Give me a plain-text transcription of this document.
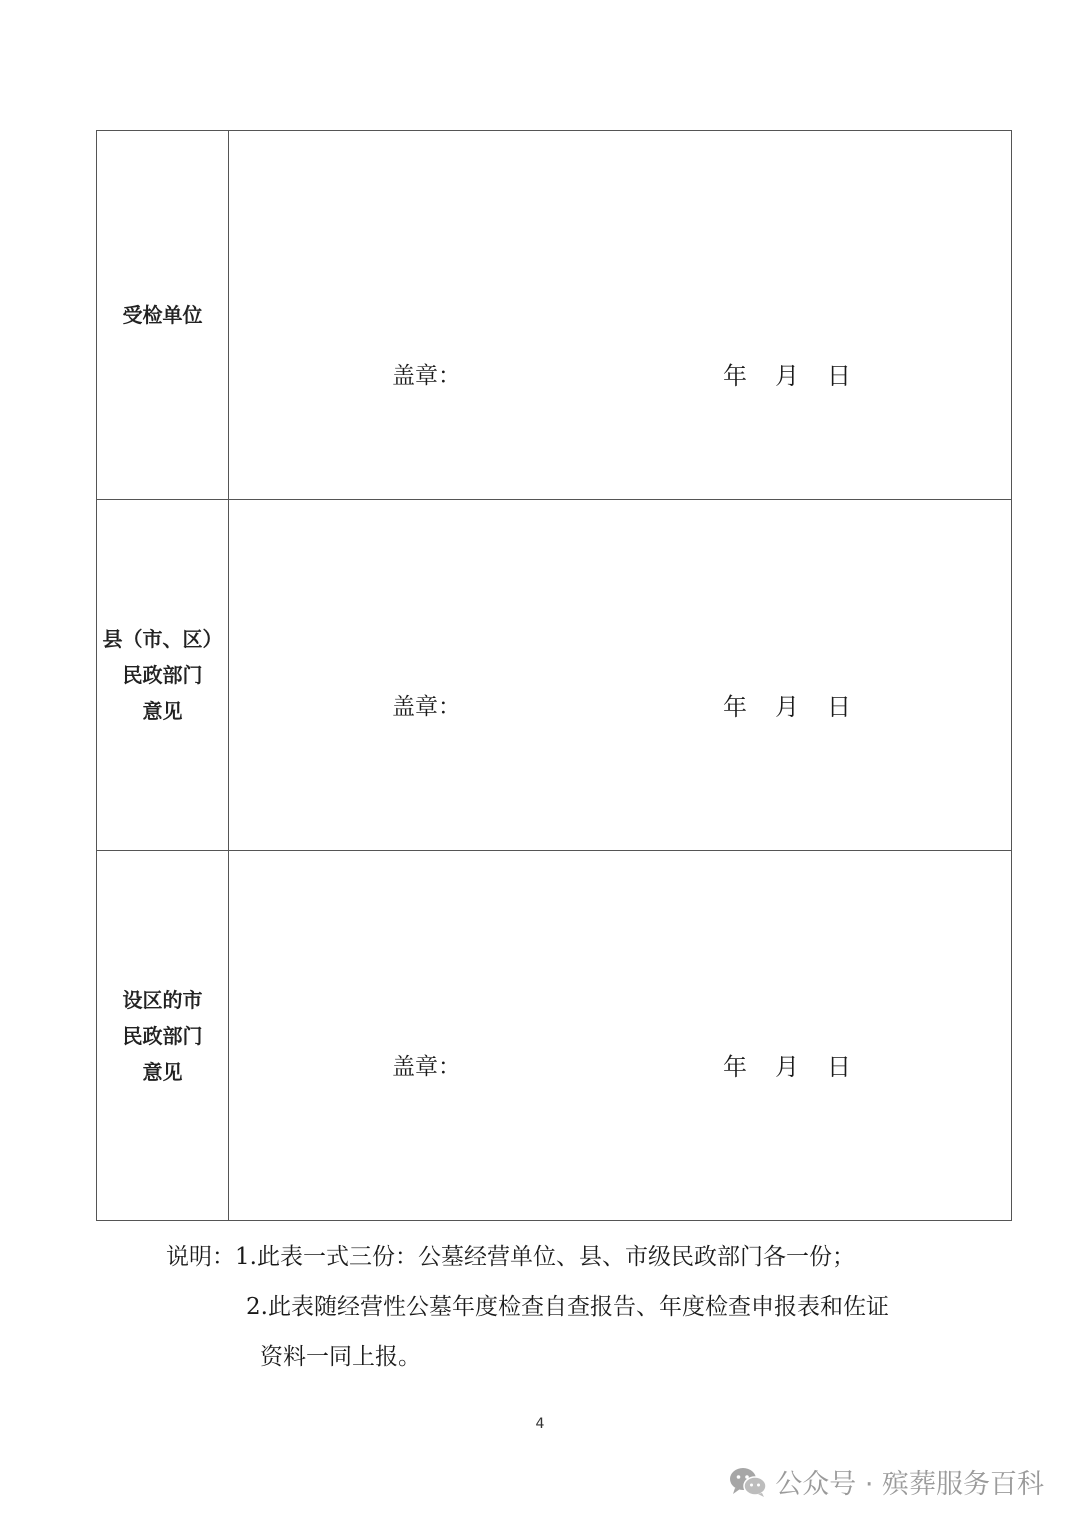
受检单位	盖章： 年 月 日

县（市、区）
民政部门
意见	盖章： 年 月 日

设区的市
民政部门
意见	盖章： 年 月 日
说明：1.此表一式三份：公墓经营单位、县、市级民政部门各一份；
2.此表随经营性公墓年度检查自查报告、年度检查申报表和佐证
资料一同上报。
4
公众号 · 殡葬服务百科
